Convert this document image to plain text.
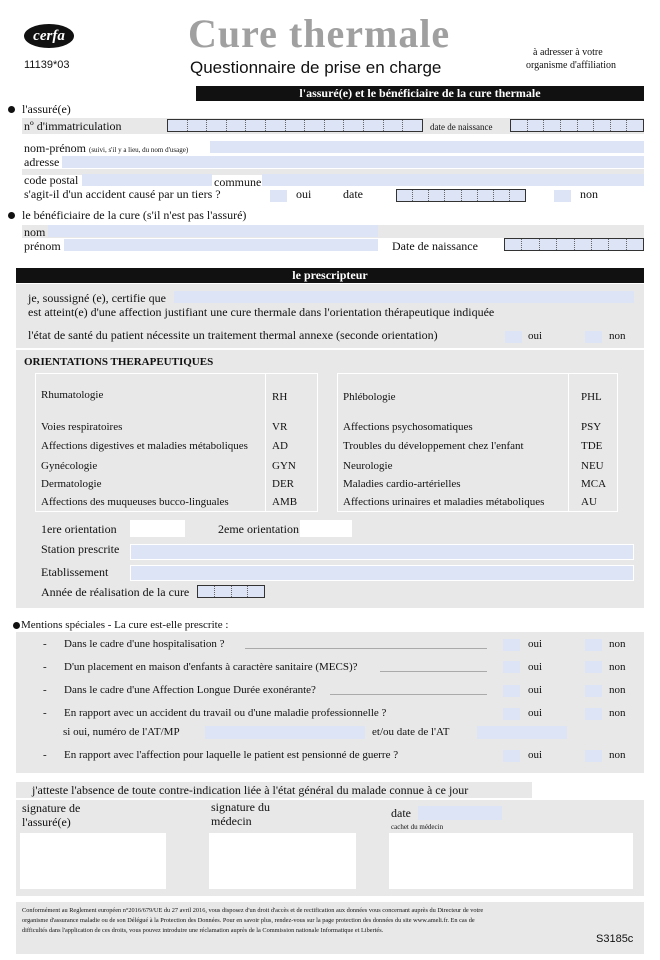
cerfa
11139*03
Cure thermale
Questionnaire de prise en charge
à adresser à votre
organisme d'affiliation
l'assuré(e) et le bénéficiaire de la cure thermale
l'assuré(e)
nº d'immatriculation	date de naissance
nom-prénom (suivi, s'il y a lieu, du nom d'usage)
adresse
code postal	commune
s'agit-il d'un accident causé par un tiers ?	oui	date	non
le bénéficiaire de la cure (s'il n'est pas l'assuré)
nom
prénom	Date de naissance
le prescripteur
je, soussigné (e), certifie que
est atteint(e) d'une affection justifiant une cure thermale dans l'orientation thérapeutique indiquée
l'état de santé du patient nécessite un traitement thermal annexe (seconde orientation)	oui	non
ORIENTATIONS THERAPEUTIQUES
Rhumatologie	RH
Voies respiratoires	VR
Affections digestives et maladies métaboliques AD
Gynécologie	GYN
Dermatologie	DER
Affections des muqueuses bucco-linguales	AMB
Phlébologie	PHL
Affections psychosomatiques	PSY
Troubles du développement chez l'enfant	TDE
Neurologie	NEU
Maladies cardio-artérielles	MCA
Affections urinaires et maladies métaboliques	AU
1ere orientation	2eme orientation
Station prescrite
Etablissement
Année de réalisation de la cure
Mentions spéciales - La cure est-elle prescrite :
- Dans le cadre d'une hospitalisation ?	oui	non
- D'un placement en maison d'enfants à caractère sanitaire (MECS)?	oui	non
- Dans le cadre d'une Affection Longue Durée exonérante?	oui	non
- En rapport avec un accident du travail ou d'une maladie professionnelle ?	oui	non
si oui, numéro de l'AT/MP	et/ou date de l'AT
- En rapport avec l'affection pour laquelle le patient est pensionné de guerre ?	oui	non
j'atteste l'absence de toute contre-indication liée à l'état général du malade connue à ce jour
signature de
l'assuré(e)
signature du
médecin
date
cachet du médecin
Conformément au Reglement européen n°2016/679/UE du 27 avril 2016, vous disposez d'un droit d'accès et de rectification aux données vous concernant auprès du Directeur de votre
organisme d'assurance maladie ou de son Délégué à la Protection des Données. Pour en savoir plus, rendez-vous sur la page protection des données du site www.ameli.fr. En cas de
difficultés dans l'application de ces droits, vous pouvez introduire une réclamation auprès de la Commission nationale Informatique et Libertés.
S3185c
